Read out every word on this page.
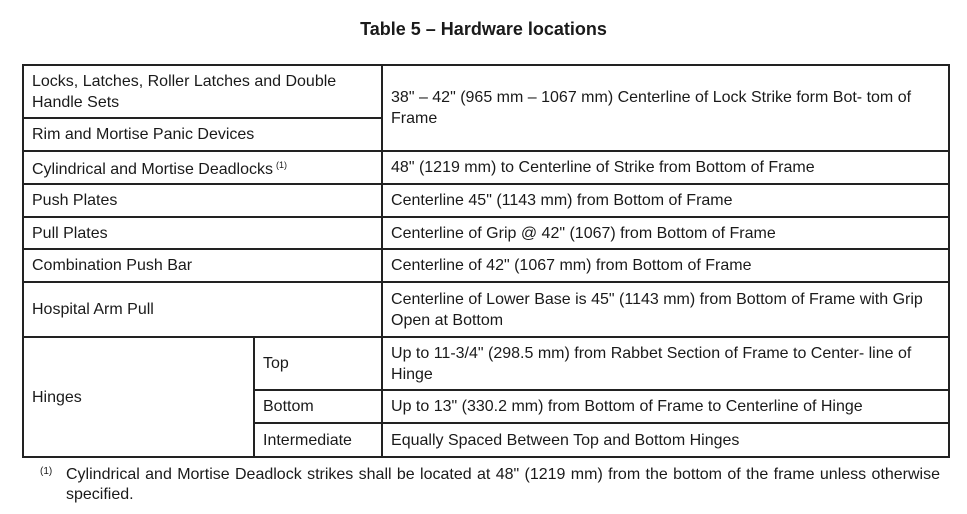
Table 5 – Hardware locations
Locks, Latches, Roller Latches and Double Handle Sets		38" – 42" (965 mm – 1067 mm) Centerline of Lock Strike form Bot- tom of Frame
Rim and Mortise Panic Devices		
Cylindrical and Mortise Deadlocks $^{(1)}$		48" (1219 mm) to Centerline of Strike from Bottom of Frame
Push Plates		Centerline 45" (1143 mm) from Bottom of Frame
Pull Plates		Centerline of Grip @ 42" (1067) from Bottom of Frame
Combination Push Bar		Centerline of 42" (1067 mm) from Bottom of Frame
Hospital Arm Pull		Centerline of Lower Base is 45" (1143 mm) from Bottom of Frame with Grip Open at Bottom
Hinges	Top	Up to 11-3/4" (298.5 mm) from Rabbet Section of Frame to Center- line of Hinge
	Bottom	Up to 13" (330.2 mm) from Bottom of Frame to Centerline of Hinge
	Intermediate	Equally Spaced Between Top and Bottom Hinges
(1) Cylindrical and Mortise Deadlock strikes shall be located at 48" (1219 mm) from the bottom of the frame unless otherwise specified.
